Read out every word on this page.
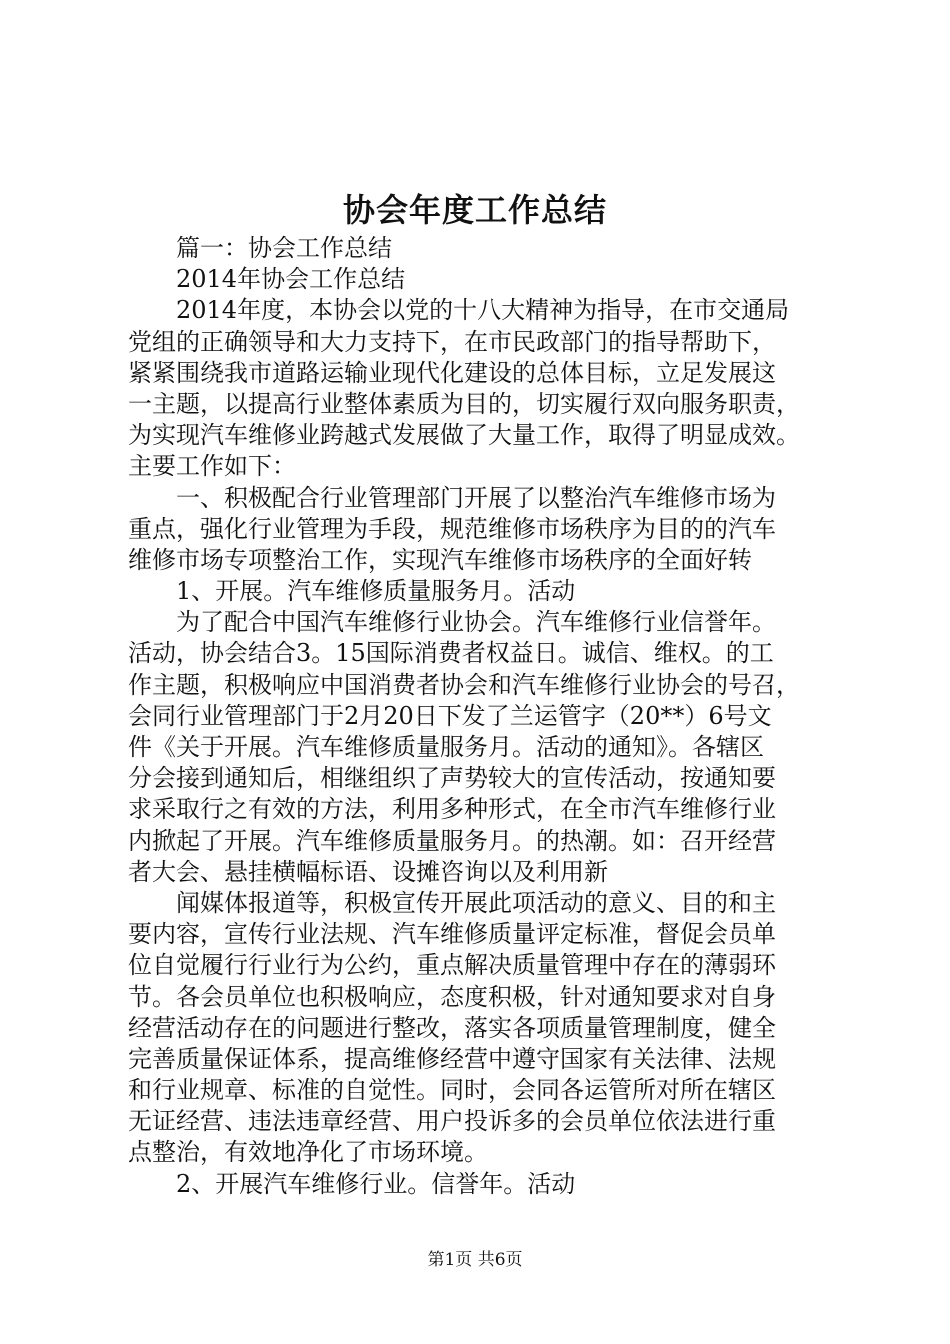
协会年度工作总结
篇一：协会工作总结
2014年协会工作总结
2014年度，本协会以党的十八大精神为指导，在市交通局
党组的正确领导和大力支持下，在市民政部门的指导帮助下，
紧紧围绕我市道路运输业现代化建设的总体目标，立足发展这
一主题，以提高行业整体素质为目的，切实履行双向服务职责，
为实现汽车维修业跨越式发展做了大量工作，取得了明显成效。
主要工作如下：
一、积极配合行业管理部门开展了以整治汽车维修市场为
重点，强化行业管理为手段，规范维修市场秩序为目的的汽车
维修市场专项整治工作，实现汽车维修市场秩序的全面好转
1、开展。汽车维修质量服务月。活动
为了配合中国汽车维修行业协会。汽车维修行业信誉年。
活动，协会结合3。15国际消费者权益日。诚信、维权。的工
作主题，积极响应中国消费者协会和汽车维修行业协会的号召，
会同行业管理部门于2月20日下发了兰运管字（20**）6号文
件《关于开展。汽车维修质量服务月。活动的通知》。各辖区
分会接到通知后，相继组织了声势较大的宣传活动，按通知要
求采取行之有效的方法，利用多种形式，在全市汽车维修行业
内掀起了开展。汽车维修质量服务月。的热潮。如：召开经营
者大会、悬挂横幅标语、设摊咨询以及利用新
闻媒体报道等，积极宣传开展此项活动的意义、目的和主
要内容，宣传行业法规、汽车维修质量评定标准，督促会员单
位自觉履行行业行为公约，重点解决质量管理中存在的薄弱环
节。各会员单位也积极响应，态度积极，针对通知要求对自身
经营活动存在的问题进行整改，落实各项质量管理制度，健全
完善质量保证体系，提高维修经营中遵守国家有关法律、法规
和行业规章、标准的自觉性。同时，会同各运管所对所在辖区
无证经营、违法违章经营、用户投诉多的会员单位依法进行重
点整治，有效地净化了市场环境。
2、开展汽车维修行业。信誉年。活动
第1页 共6页
